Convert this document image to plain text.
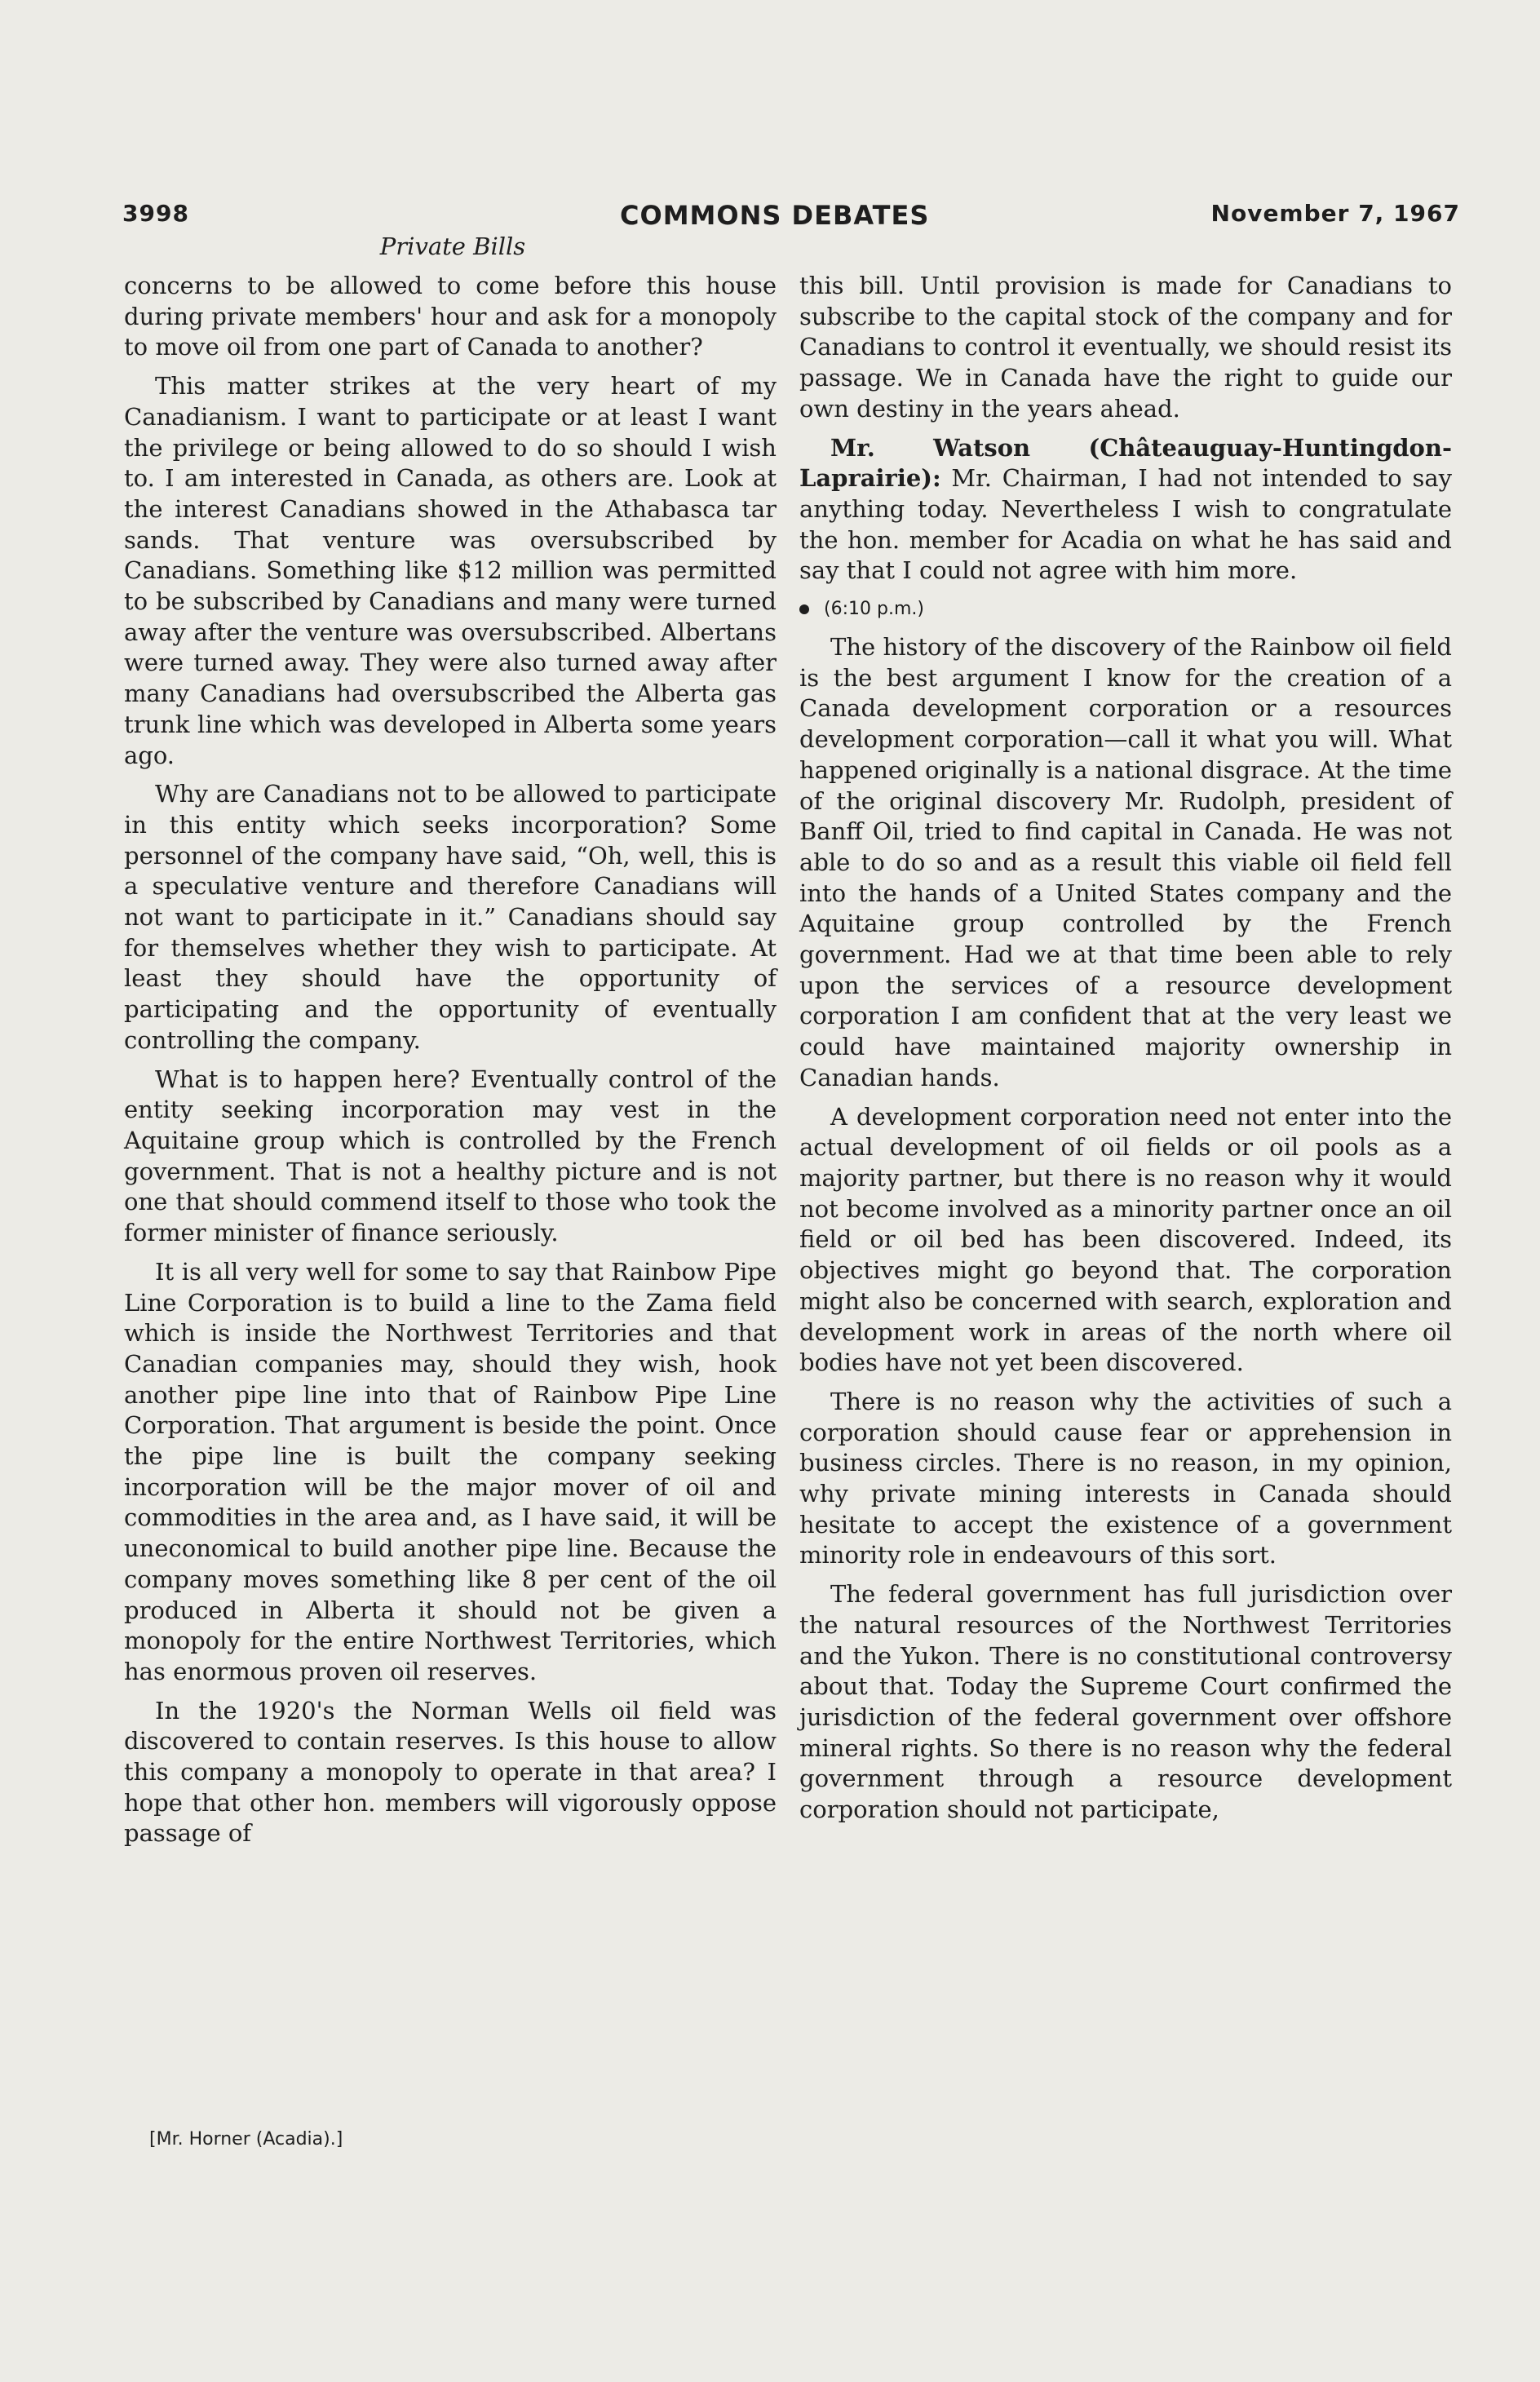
3998	COMMONS DEBATES	November 7, 1967
Private Bills

concerns to be allowed to come before this house during private members' hour and ask for a monopoly to move oil from one part of Canada to another?

This matter strikes at the very heart of my Canadianism. I want to participate or at least I want the privilege or being allowed to do so should I wish to. I am interested in Canada, as others are. Look at the interest Canadians showed in the Athabasca tar sands. That venture was oversubscribed by Canadians. Something like $12 million was permitted to be subscribed by Canadians and many were turned away after the venture was oversubscribed. Albertans were turned away. They were also turned away after many Canadians had oversubscribed the Alberta gas trunk line which was developed in Alberta some years ago.

Why are Canadians not to be allowed to participate in this entity which seeks incorporation? Some personnel of the company have said, “Oh, well, this is a speculative venture and therefore Canadians will not want to participate in it.” Canadians should say for themselves whether they wish to participate. At least they should have the opportunity of participating and the opportunity of eventually controlling the company.

What is to happen here? Eventually control of the entity seeking incorporation may vest in the Aquitaine group which is controlled by the French government. That is not a healthy picture and is not one that should commend itself to those who took the former minister of finance seriously.

It is all very well for some to say that Rainbow Pipe Line Corporation is to build a line to the Zama field which is inside the Northwest Territories and that Canadian companies may, should they wish, hook another pipe line into that of Rainbow Pipe Line Corporation. That argument is beside the point. Once the pipe line is built the company seeking incorporation will be the major mover of oil and commodities in the area and, as I have said, it will be uneconomical to build another pipe line. Because the company moves something like 8 per cent of the oil produced in Alberta it should not be given a monopoly for the entire Northwest Territories, which has enormous proven oil reserves.

In the 1920's the Norman Wells oil field was discovered to contain reserves. Is this house to allow this company a monopoly to operate in that area? I hope that other hon. members will vigorously oppose passage of

[Mr. Horner (Acadia).]

this bill. Until provision is made for Canadians to subscribe to the capital stock of the company and for Canadians to control it eventually, we should resist its passage. We in Canada have the right to guide our own destiny in the years ahead.

Mr. Watson (Châteauguay-Huntingdon-Laprairie): Mr. Chairman, I had not intended to say anything today. Nevertheless I wish to congratulate the hon. member for Acadia on what he has said and say that I could not agree with him more.

(6:10 p.m.)

The history of the discovery of the Rainbow oil field is the best argument I know for the creation of a Canada development corporation or a resources development corporation—call it what you will. What happened originally is a national disgrace. At the time of the original discovery Mr. Rudolph, president of Banff Oil, tried to find capital in Canada. He was not able to do so and as a result this viable oil field fell into the hands of a United States company and the Aquitaine group controlled by the French government. Had we at that time been able to rely upon the services of a resource development corporation I am confident that at the very least we could have maintained majority ownership in Canadian hands.

A development corporation need not enter into the actual development of oil fields or oil pools as a majority partner, but there is no reason why it would not become involved as a minority partner once an oil field or oil bed has been discovered. Indeed, its objectives might go beyond that. The corporation might also be concerned with search, exploration and development work in areas of the north where oil bodies have not yet been discovered.

There is no reason why the activities of such a corporation should cause fear or apprehension in business circles. There is no reason, in my opinion, why private mining interests in Canada should hesitate to accept the existence of a government minority role in endeavours of this sort.

The federal government has full jurisdiction over the natural resources of the Northwest Territories and the Yukon. There is no constitutional controversy about that. Today the Supreme Court confirmed the jurisdiction of the federal government over offshore mineral rights. So there is no reason why the federal government through a resource development corporation should not participate,
